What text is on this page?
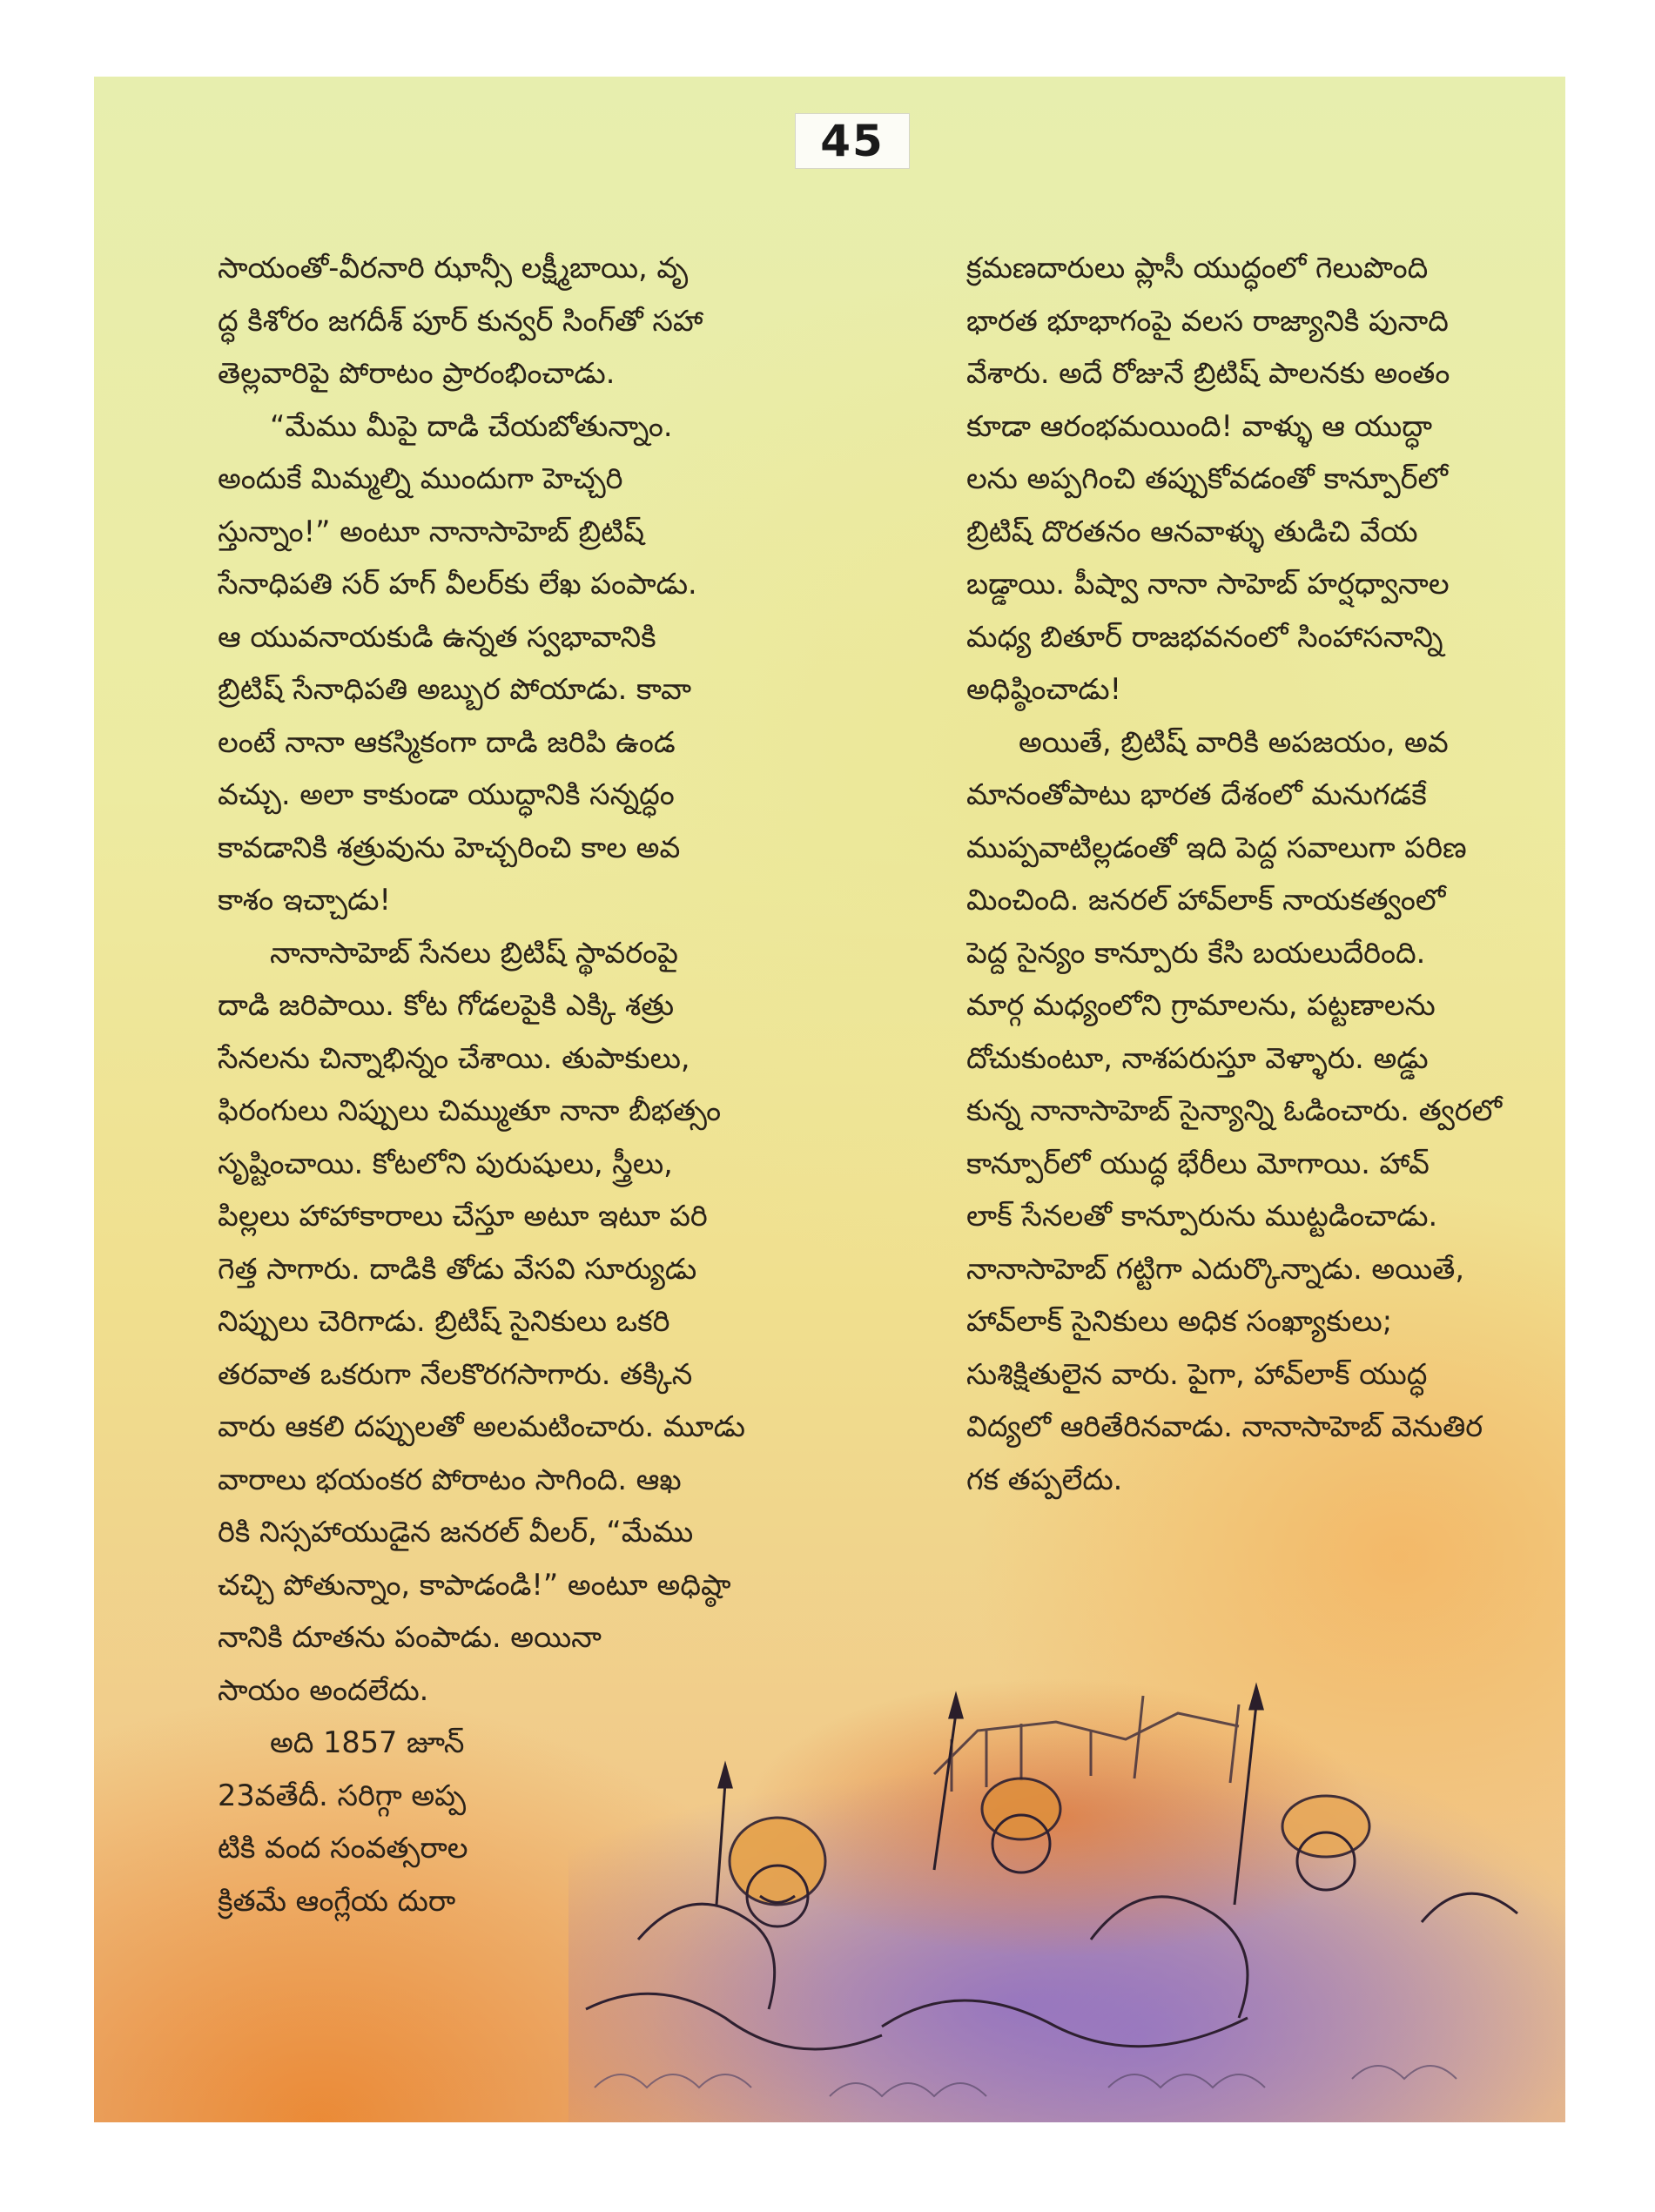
45
సాయంతో-వీరనారి ఝాన్సీ లక్ష్మీబాయి, వృ
ద్ధ కిశోరం జగదీశ్ పూర్ కున్వర్ సింగ్‌తో సహా
తెల్లవారిపై పోరాటం ప్రారంభించాడు.
“మేము మీపై దాడి చేయబోతున్నాం.
అందుకే మిమ్మల్ని ముందుగా హెచ్చరి
స్తున్నాం!” అంటూ నానాసాహెబ్ బ్రిటిష్
సేనాధిపతి సర్ హగ్ వీలర్‌కు లేఖ పంపాడు.
ఆ యువనాయకుడి ఉన్నత స్వభావానికి
బ్రిటిష్ సేనాధిపతి అబ్బుర పోయాడు. కావా
లంటే నానా ఆకస్మికంగా దాడి జరిపి ఉండ
వచ్చు. అలా కాకుండా యుద్ధానికి సన్నద్ధం
కావడానికి శత్రువును హెచ్చరించి కాల అవ
కాశం ఇచ్చాడు!
నానాసాహెబ్ సేనలు బ్రిటిష్ స్థావరంపై
దాడి జరిపాయి. కోట గోడలపైకి ఎక్కి శత్రు
సేనలను చిన్నాభిన్నం చేశాయి. తుపాకులు,
ఫిరంగులు నిప్పులు చిమ్ముతూ నానా బీభత్సం
సృష్టించాయి. కోటలోని పురుషులు, స్త్రీలు,
పిల్లలు హాహాకారాలు చేస్తూ అటూ ఇటూ పరి
గెత్త సాగారు. దాడికి తోడు వేసవి సూర్యుడు
నిప్పులు చెరిగాడు. బ్రిటిష్ సైనికులు ఒకరి
తరవాత ఒకరుగా నేలకొరగసాగారు. తక్కిన
వారు ఆకలి దప్పులతో అలమటించారు. మూడు
వారాలు భయంకర పోరాటం సాగింది. ఆఖ
రికి నిస్సహాయుడైన జనరల్ వీలర్, “మేము
చచ్చి పోతున్నాం, కాపాడండి!” అంటూ అధిష్ఠా
నానికి దూతను పంపాడు. అయినా
సాయం అందలేదు.
అది 1857 జూన్
23వతేదీ. సరిగ్గా అప్ప
టికి వంద సంవత్సరాల
క్రితమే ఆంగ్లేయ దురా
క్రమణదారులు ప్లాసీ యుద్ధంలో గెలుపొంది
భారత భూభాగంపై వలస రాజ్యానికి పునాది
వేశారు. అదే రోజునే బ్రిటిష్ పాలనకు అంతం
కూడా ఆరంభమయింది! వాళ్ళు ఆ యుద్ధా
లను అప్పగించి తప్పుకోవడంతో కాన్పూర్‌లో
బ్రిటిష్ దొరతనం ఆనవాళ్ళు తుడిచి వేయ
బడ్డాయి. పీష్వా నానా సాహెబ్ హర్షధ్వానాల
మధ్య బితూర్ రాజభవనంలో సింహాసనాన్ని
అధిష్ఠించాడు!
అయితే, బ్రిటిష్ వారికి అపజయం, అవ
మానంతోపాటు భారత దేశంలో మనుగడకే
ముప్పవాటిల్లడంతో ఇది పెద్ద సవాలుగా పరిణ
మించింది. జనరల్ హావ్‌లాక్ నాయకత్వంలో
పెద్ద సైన్యం కాన్పూరు కేసి బయలుదేరింది.
మార్గ మధ్యంలోని గ్రామాలను, పట్టణాలను
దోచుకుంటూ, నాశపరుస్తూ వెళ్ళారు. అడ్డు
కున్న నానాసాహెబ్ సైన్యాన్ని ఓడించారు. త్వరలో
కాన్పూర్‌లో యుద్ధ భేరీలు మోగాయి. హావ్
లాక్ సేనలతో కాన్పూరును ముట్టడించాడు.
నానాసాహెబ్ గట్టిగా ఎదుర్కొన్నాడు. అయితే,
హావ్‌లాక్ సైనికులు అధిక సంఖ్యాకులు;
సుశిక్షితులైన వారు. పైగా, హావ్‌లాక్ యుద్ధ
విద్యలో ఆరితేరినవాడు. నానాసాహెబ్ వెనుతిర
గక తప్పలేదు.
